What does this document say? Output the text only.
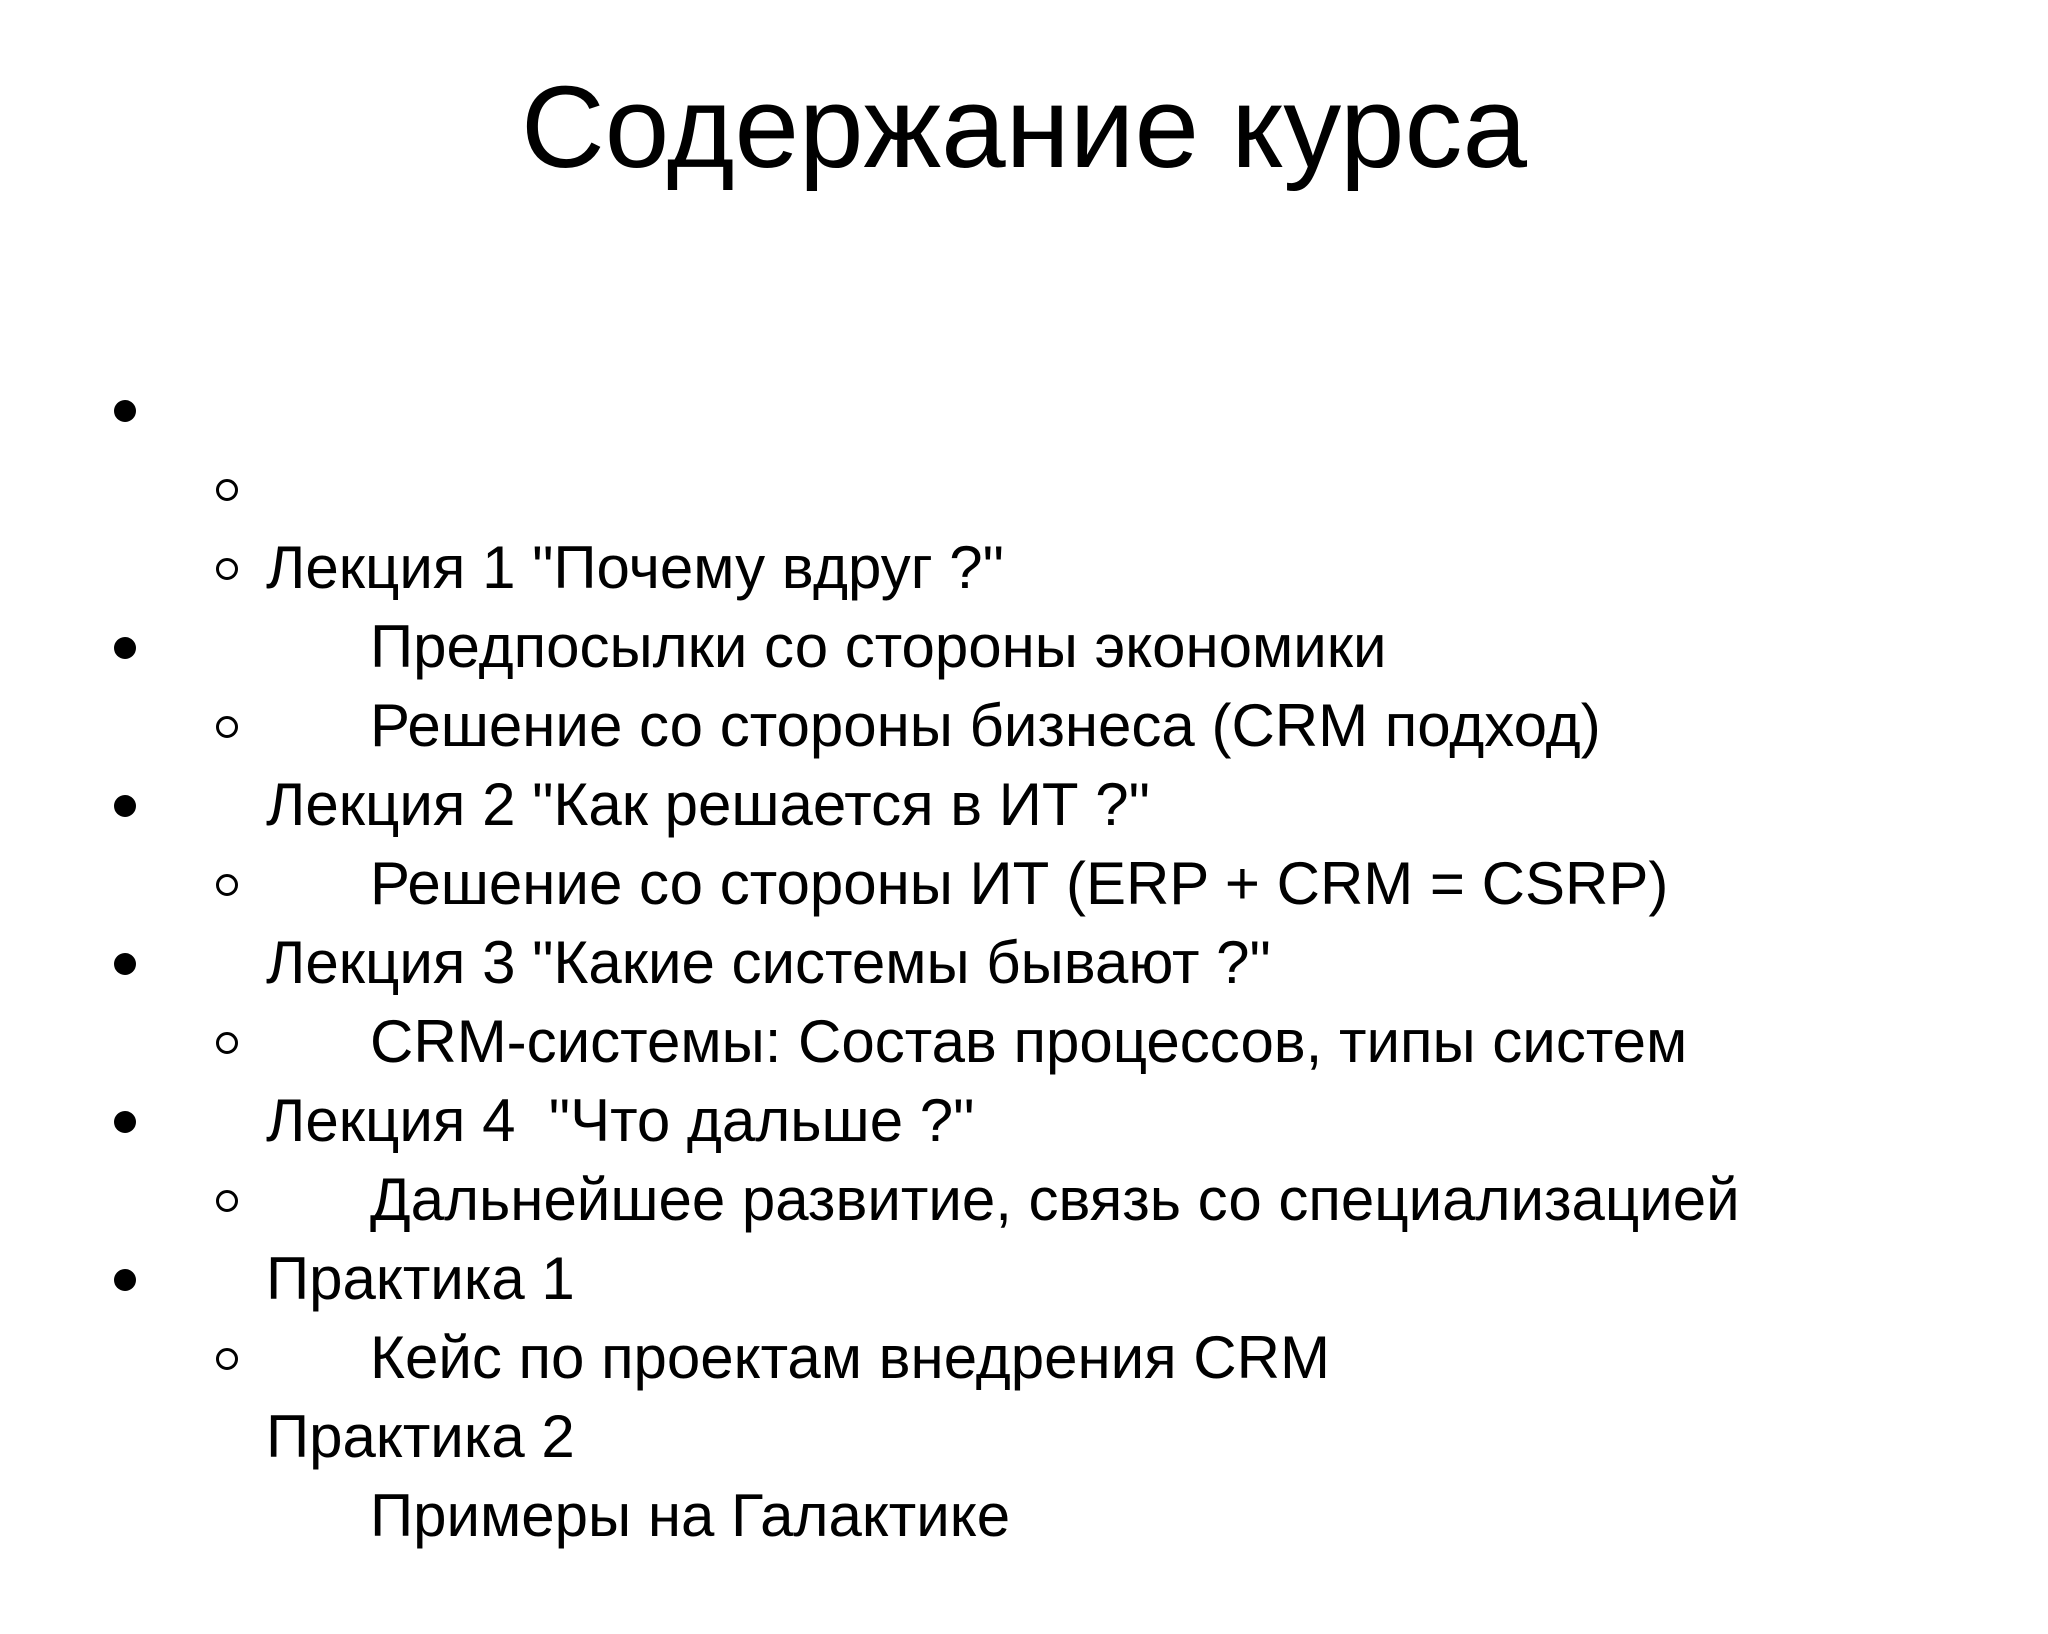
Содержание курса

Лекция 1 "Почему вдруг ?"

Предпосылки со стороны экономики

Решение со стороны бизнеса (CRM подход)

Лекция 2 "Как решается в ИТ ?"

Решение со стороны ИТ (ERP + CRM = CSRP)

Лекция 3 "Какие системы бывают ?"

CRM-системы: Состав процессов, типы систем

Лекция 4  "Что дальше ?"

Дальнейшее развитие, связь со специализацией

Практика 1

Кейс по проектам внедрения CRM

Практика 2

Примеры на Галактике
